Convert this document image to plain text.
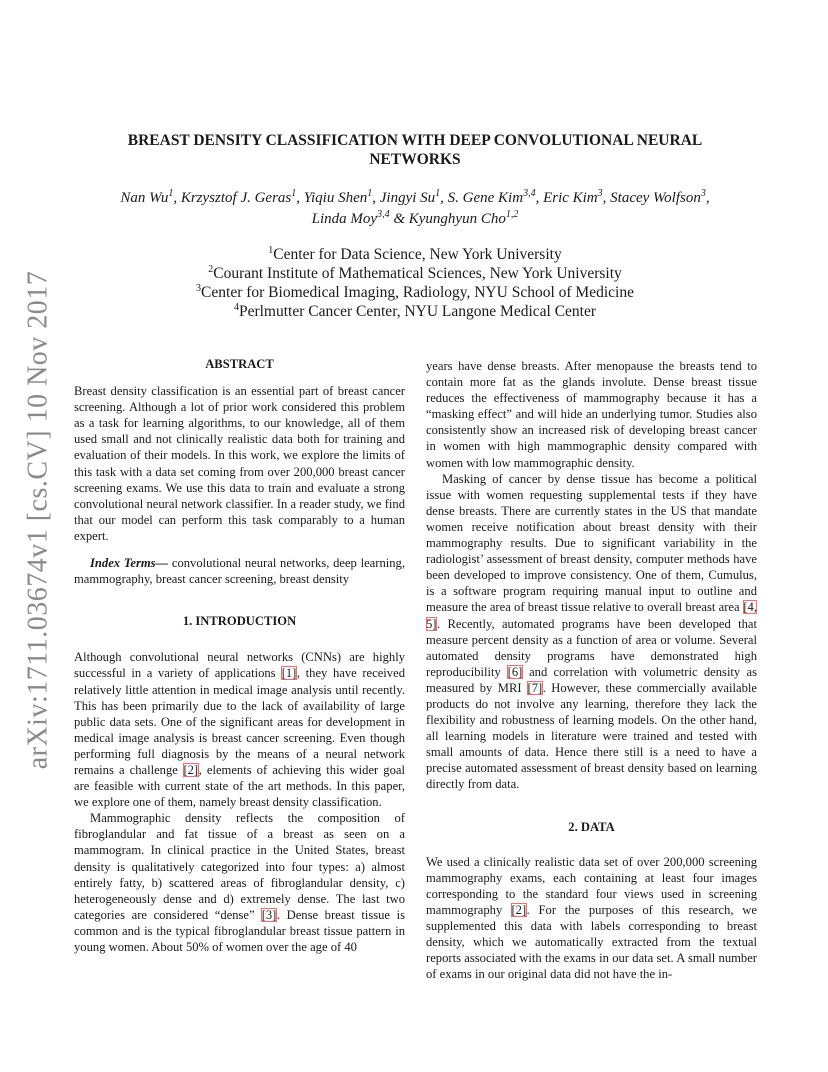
arXiv:1711.03674v1 [cs.CV] 10 Nov 2017
BREAST DENSITY CLASSIFICATION WITH DEEP CONVOLUTIONAL NEURAL
NETWORKS
Nan Wu$^1$, Krzysztof J. Geras$^1$, Yiqiu Shen$^1$, Jingyi Su$^1$, S. Gene Kim$^{3,4}$, Eric Kim$^3$, Stacey Wolfson$^3$,
Linda Moy$^{3,4}$ & Kyunghyun Cho$^{1,2}$
$^1$Center for Data Science, New York University
$^2$Courant Institute of Mathematical Sciences, New York University
$^3$Center for Biomedical Imaging, Radiology, NYU School of Medicine
$^4$Perlmutter Cancer Center, NYU Langone Medical Center

ABSTRACT

Breast density classification is an essential part of breast cancer screening. Although a lot of prior work considered this problem as a task for learning algorithms, to our knowledge, all of them used small and not clinically realistic data both for training and evaluation of their models. In this work, we explore the limits of this task with a data set coming from over 200,000 breast cancer screening exams. We use this data to train and evaluate a strong convolutional neural network classifier. In a reader study, we find that our model can perform this task comparably to a human expert.

Index Terms— convolutional neural networks, deep learning, mammography, breast cancer screening, breast density

1. INTRODUCTION

Although convolutional neural networks (CNNs) are highly successful in a variety of applications [1], they have received relatively little attention in medical image analysis until recently. This has been primarily due to the lack of availability of large public data sets. One of the significant areas for development in medical image analysis is breast cancer screening. Even though performing full diagnosis by the means of a neural network remains a challenge [2], elements of achieving this wider goal are feasible with current state of the art methods. In this paper, we explore one of them, namely breast density classification.

Mammographic density reflects the composition of fibroglandular and fat tissue of a breast as seen on a mammogram. In clinical practice in the United States, breast density is qualitatively categorized into four types: a) almost entirely fatty, b) scattered areas of fibroglandular density, c) heterogeneously dense and d) extremely dense. The last two categories are considered “dense” [3]. Dense breast tissue is common and is the typical fibroglandular breast tissue pattern in young women. About 50% of women over the age of 40

years have dense breasts. After menopause the breasts tend to contain more fat as the glands involute. Dense breast tissue reduces the effectiveness of mammography because it has a “masking effect” and will hide an underlying tumor. Studies also consistently show an increased risk of developing breast cancer in women with high mammographic density compared with women with low mammographic density.

Masking of cancer by dense tissue has become a political issue with women requesting supplemental tests if they have dense breasts. There are currently states in the US that mandate women receive notification about breast density with their mammography results. Due to significant variability in the radiologist’ assessment of breast density, computer methods have been developed to improve consistency. One of them, Cumulus, is a software program requiring manual input to outline and measure the area of breast tissue relative to overall breast area [4, 5]. Recently, automated programs have been developed that measure percent density as a function of area or volume. Several automated density programs have demonstrated high reproducibility [6] and correlation with volumetric density as measured by MRI [7]. However, these commercially available products do not involve any learning, therefore they lack the flexibility and robustness of learning models. On the other hand, all learning models in literature were trained and tested with small amounts of data. Hence there still is a need to have a precise automated assessment of breast density based on learning directly from data.

2. DATA

We used a clinically realistic data set of over 200,000 screening mammography exams, each containing at least four images corresponding to the standard four views used in screening mammography [2]. For the purposes of this research, we supplemented this data with labels corresponding to breast density, which we automatically extracted from the textual reports associated with the exams in our data set. A small number of exams in our original data did not have the in-
